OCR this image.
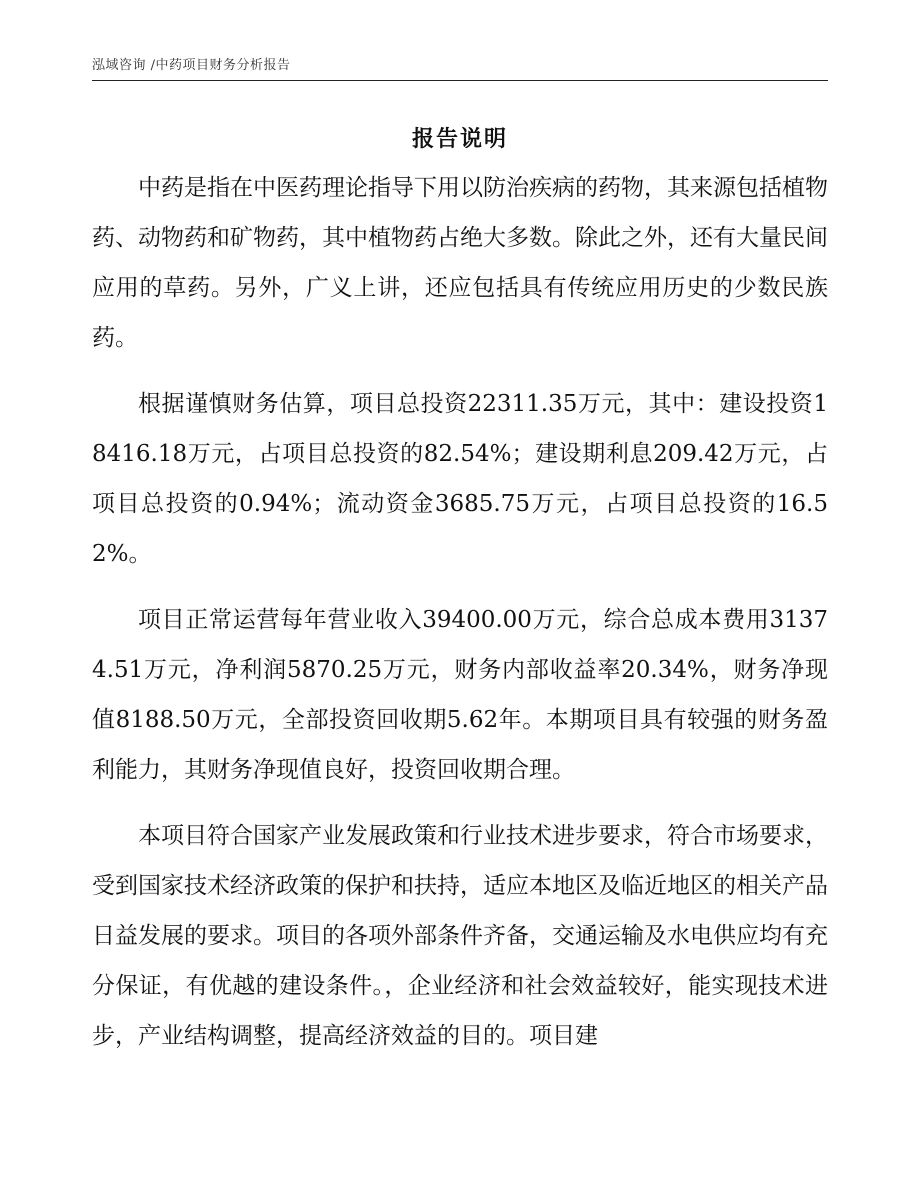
泓域咨询 /中药项目财务分析报告
报告说明

中药是指在中医药理论指导下用以防治疾病的药物，其来源包括植物药、动物药和矿物药，其中植物药占绝大多数。除此之外，还有大量民间应用的草药。另外，广义上讲，还应包括具有传统应用历史的少数民族药。

根据谨慎财务估算，项目总投资22311.35万元，其中：建设投资18416.18万元，占项目总投资的82.54%；建设期利息209.42万元，占项目总投资的0.94%；流动资金3685.75万元，占项目总投资的16.52%。

项目正常运营每年营业收入39400.00万元，综合总成本费用31374.51万元，净利润5870.25万元，财务内部收益率20.34%，财务净现值8188.50万元，全部投资回收期5.62年。本期项目具有较强的财务盈利能力，其财务净现值良好，投资回收期合理。

本项目符合国家产业发展政策和行业技术进步要求，符合市场要求，受到国家技术经济政策的保护和扶持，适应本地区及临近地区的相关产品日益发展的要求。项目的各项外部条件齐备，交通运输及水电供应均有充分保证，有优越的建设条件。，企业经济和社会效益较好，能实现技术进步，产业结构调整，提高经济效益的目的。项目建
